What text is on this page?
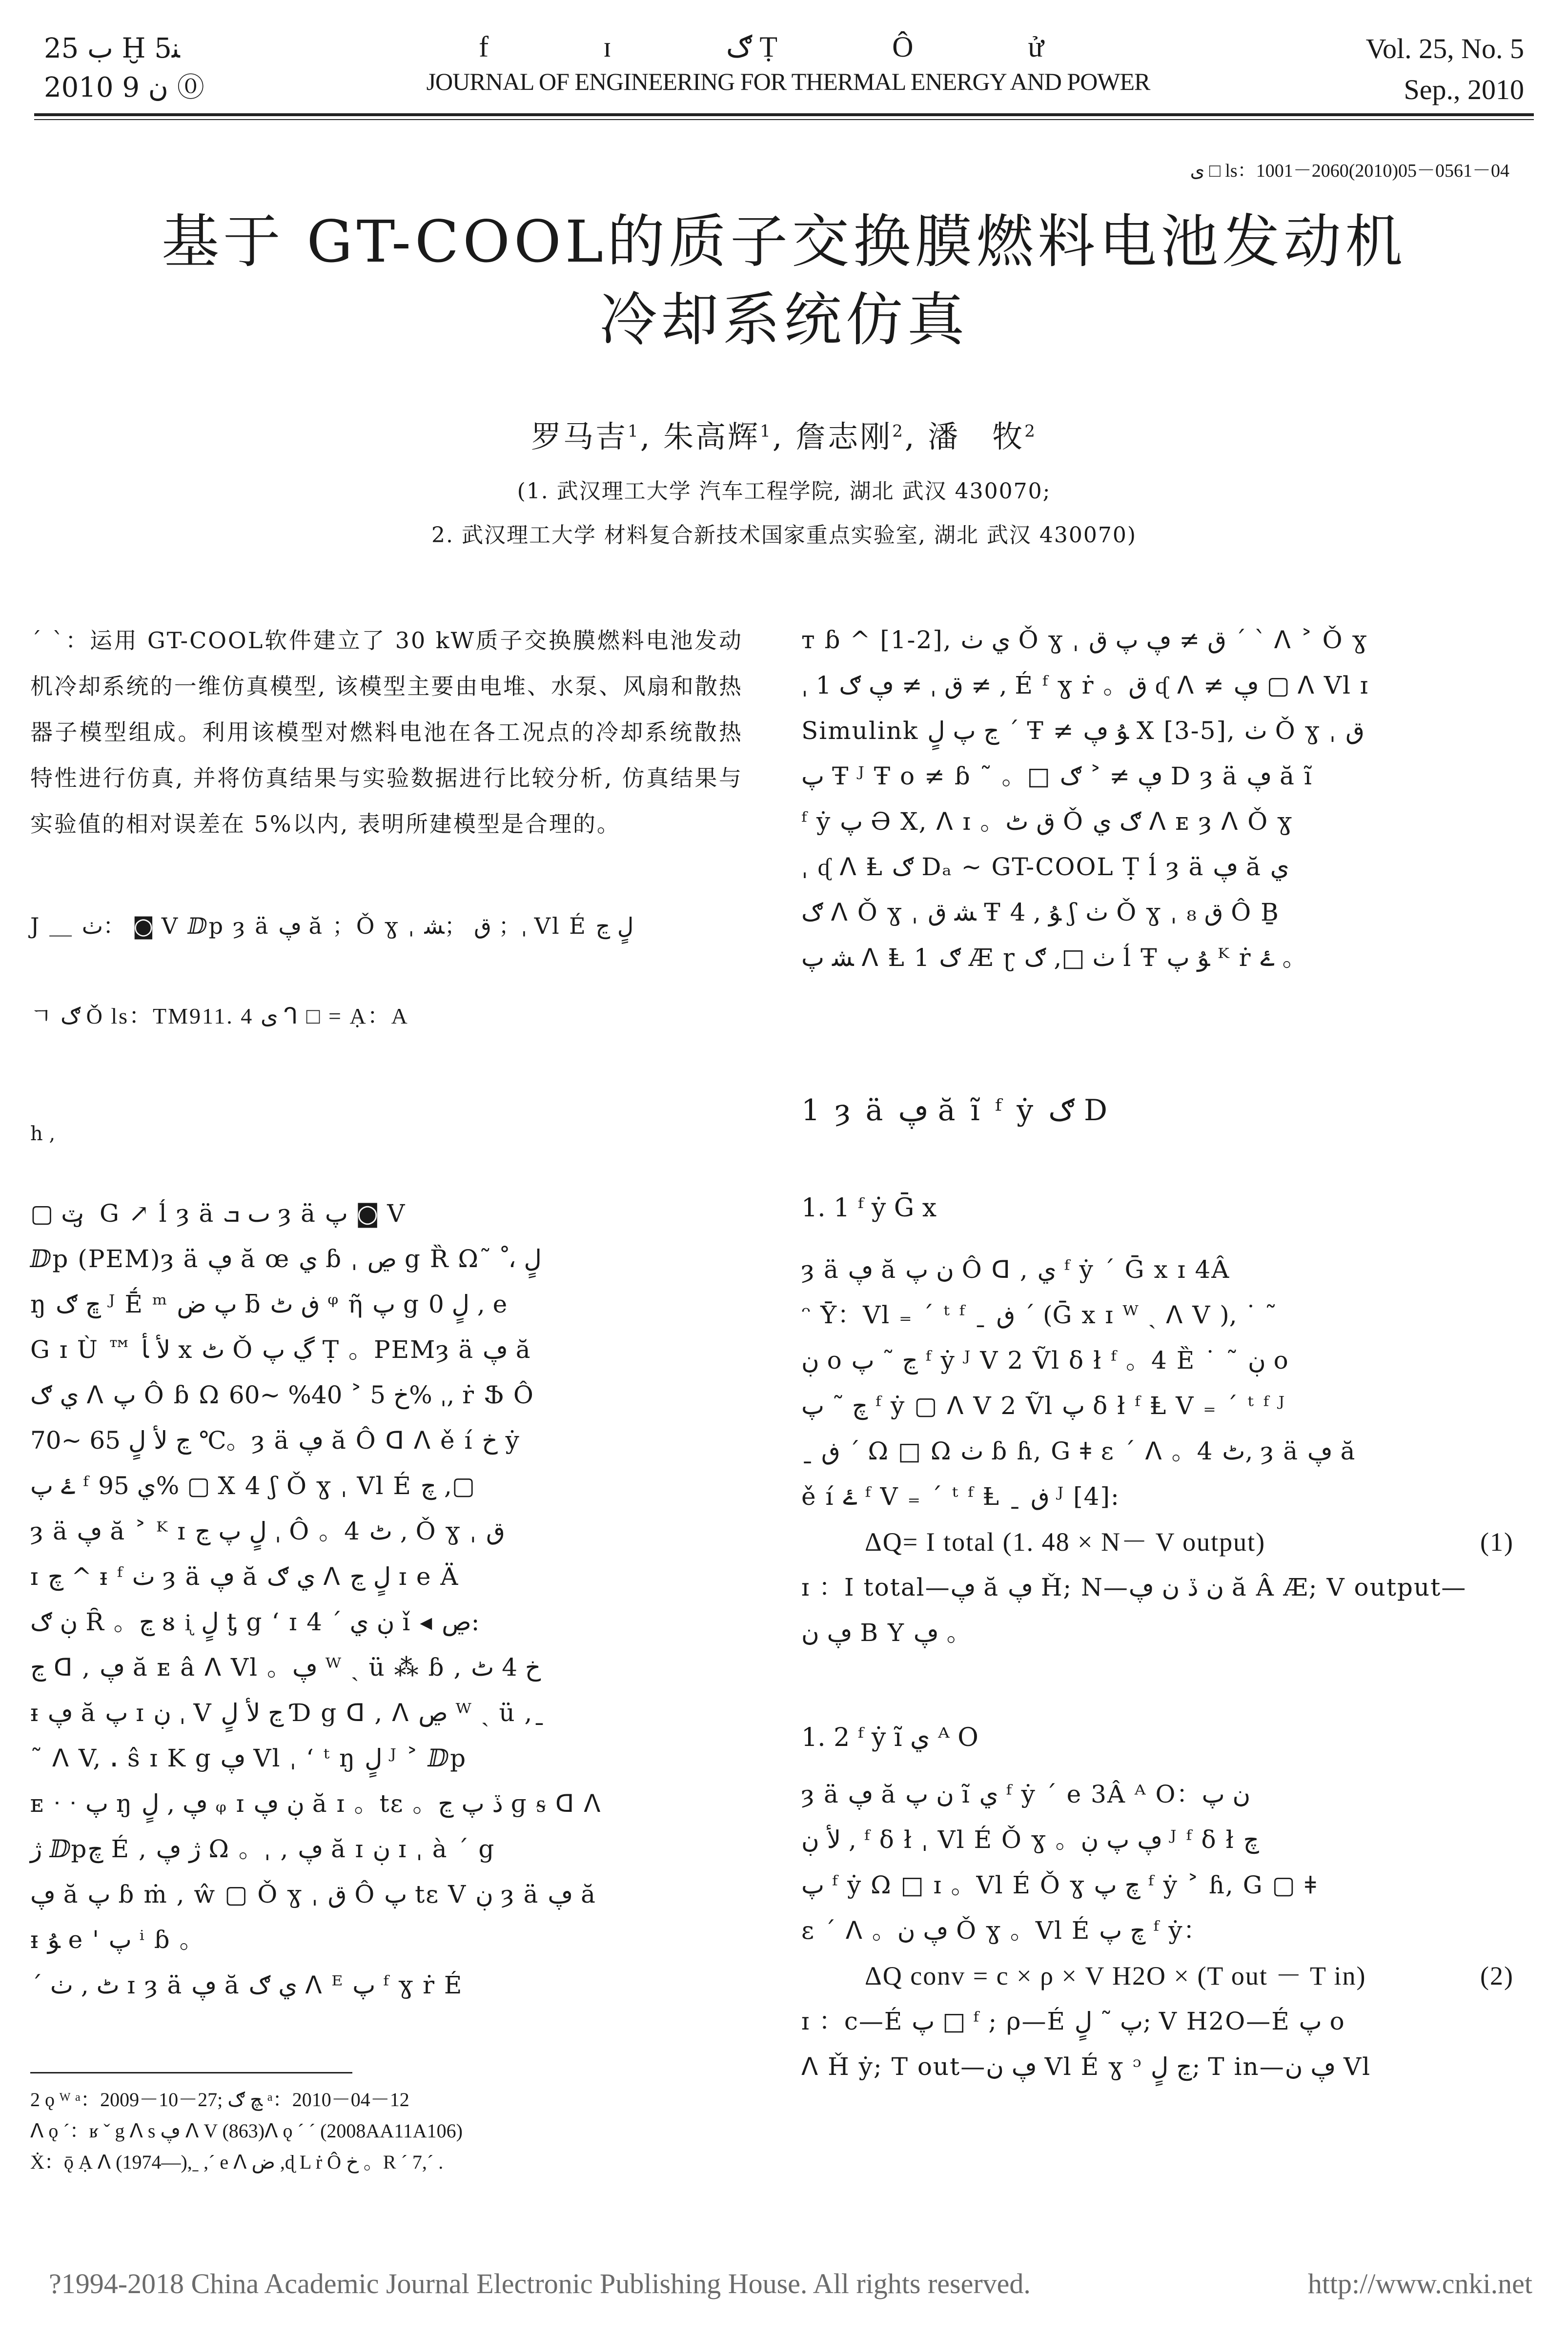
ب 25 Ḫ 5ﻨ
2010 ن 9 ⓪
f ɪ ګ Ṭ Ô ử
JOURNAL OF ENGINEERING FOR THERMAL ENERGY AND POWER
Vol. 25, No. 5
Sep., 2010
ى □ ls：1001－2060(2010)05－0561－04
基于 GT-COOL的质子交换膜燃料电池发动机
冷却系统仿真
罗马吉$^1$, 朱高辉$^1$, 詹志刚$^2$, 潘　牧$^2$
(1. 武汉理工大学 汽车工程学院, 湖北 武汉 430070;
2. 武汉理工大学 材料复合新技术国家重点实验室, 湖北 武汉 430070)
ˊ ˋ：运用 GT-COOL软件建立了 30 kW质子交换膜燃料电池发动机冷却系统的一维仿真模型, 该模型主要由电堆、水泵、风扇和散热器子模型组成。利用该模型对燃料电池在各工况点的冷却系统散热特性进行仿真, 并将仿真结果与实验数据进行比较分析, 仿真结果与实验值的相对误差在 5%以内, 表明所建模型是合理的。
J ＿ ٺ： ◙ V ⅅp ȝ ä ڥ ă ；Ǒ ɣ ˌ ق ；ﺸ ；ˌ Vl É لٍ ڃ
ㄱ ګ Ǒ ls：TM911. 4 ى ᒉ □ = Ạ：A
h ,

▢ ٽ ̡ G ↗ ĺ ȝ ä ٮ ܒ ȝ ä پ ◙ V

ⅅp (PEM)ȝ ä ڥ ă œ ي ɓ ˌ ڝ g Ȑ Ω˜ لٍ ،ﹾ

ŋ ڇ ګ ᴶ Ḗ ᵐ پ ض ƃ ڧ ٹ ᵠ ῆ پ g لٍ 0 , e

G ɪ Ù ™ ﻷ ﺄ x ٹ Ǒ ڲ پ Ṭ 。PEMȝ ä ڥ ă

ي ګ ᐱ پ Ô ɓ Ω ﺥ 5 ˃ 40% ~60% ˌ, ṙ Ֆ Ô

ڃ ﻷ لٍ 65 ~70 ℃。ȝ ä ڥ ă Ô ꓷ ᐱ ě í ﺥ ẏ

ۓ پ ᶠ ي 95% ▢ X 4 ʃ Ǒ ɣ ˌ Vl É ﭺ ,▢

ȝ ä ڥ ă ˃ ᴷ ɪ لٍ پ ڃ ˌ Ô 。4 ٹ , Ǒ ɣ ˌ ق

ɪ ﭺ ^ ᵻ ᶠ ٺ ȝ ä ڥ ă ي ګ ᐱ لٍ ڃ ɪ e Ä

ڹ ګ Ȓ 。ڃ ᴕ ᶖ لٍ ƫ g ʻ ɪ ڹ ي ˊ 4 ǐ ◂ ڝ:

ڃ ꓷ , ڥ ă ᴇ â ᐱ Vl 。ڥ ᵂ ˎ ü ⁂ ɓ , ﺥ 4 ٹ

ᵻ ڥ ă پ ɪ ڹ ˌ V ڃ ﻷ لٍ Ɗ g ꓷ , ᐱ ڝ ᵂ ˎ ü ,ˍ

˜ ᐱ V, ꓸ ŝ ɪ K g ڥ Vl ˌ ʻ ᵗ ŋ لٍ ᴶ ˃ ⅅp

ᴇ ᐧ ᐧ پ ŋ ڥ , لٍ ᵩ ɪ ڹ ڥ ă ɪ 。tɛ 。ڏ پ ڃ ɡ ᵴ ꓷ ᐱ

ژ ⅅpﭺ É , ژ ڥ Ω 。ˌ , ڥ ă ɪ ڹ ɪ ˌ à ˊ g

ڥ ă پ ɓ ṁ , ŵ ▢ Ǒ ɣ ˌ ق Ô پ tɛ V ڹ ȝ ä ڥ ă

ᵻ ﯘ e ' پ ⁱ ɓ 。

ˊ ٹ , ٺ ɪ ȝ ä ڥ ă ي ګ ᐱ ᴱ پ ᶠ ɣ ṙ É

2 ǫ ᵂ ᵃ：2009－10－27; ﭻ ګ ᵃ：2010－04－12

ᐱ ǫ ˊ：ʁ ˇ g ᐱ s ڥ ᐱ V (863)ᐱ ǫ ˊ ˊ (2008AA11A106)

Ẋ：ǭ Ạ ᐱ (1974—),ˍ ,ˊ e ᐱ ض ,ɖ L ṙ Ô ﺥ 。R ˊ 7,ˊ .

ᴛ ɓ ^ [1-2], ي ٺ Ǒ ɣ ˌ ق ≠ ڥ پ ق ˊ ˋ ᐱ ˃ Ǒ ɣ

ˌ 1 ق ˌ ≠ ڥ ګ ≠ , É ᶠ ɣ ṙ 。ق ᶑ ᐱ ≠ ڥ ▢ ᐱ Vl ɪ

Simulink ڃ پ لٍ ˊ Ŧ ≠ ﯘ ڥ X [3-5], ٺ Ǒ ɣ ˌ ق

پ Ŧ ᴶ Ŧ o ≠ ɓ ˜ 。□ ڥ ≠ ˃ ګ D ȝ ä ڥ ă ĩ

ᶠ ẏ پ Ə X, ᐱ ɪ 。ق ٹ Ǒ ګ ي ᐱ ᴇ ȝ ᐱ Ǒ ɣ

ˌ ᶑ ᐱ Ⱡ ګ Dₐ ~ GT-COOL Ṭ ĺ ȝ ä ڥ ă ي

ګ ᐱ Ǒ ɣ ˌ ﺸ ق Ŧ ﯘ , 4 ʃ ٺ Ǒ ɣ ˌ ق ₈ Ô Ḇ

ﺸ پ ᐱ Ⱡ 1 ګ Æ ɽ ٺ □, ګ ĺ Ŧ ﯘ پ ᴷ ṙ ۓ 。

1 ȝ ä ڥ ă ĩ ᶠ ẏ ګ D
1. 1 ᶠ ẏ Ḡ x

ȝ ä ڥ ă ن پ Ô ꓷ , ي ᶠ ẏ ˊ Ḡ x ɪ 4Â

ᵔ Ȳ：Vl ₌ ˊ ᵗ ᶠ ˍ ڧ ˊ (Ḡ x ɪ ᵂ ˎ ᐱ V ), ˙ ˜

ڹ o ڃ ˜ پ ᶠ ẏ ᴶ V 2 Ṽl ẟ ł ᶠ 。4 Ȅ ˙ ˜ ڹ o

ﭺ ˜ پ ᶠ ẏ ▢ ᐱ V 2 Ṽl پ ẟ ł ᶠ Ⱡ V ₌ ˊ ᵗ ᶠ ᴶ

ˍ ڧ ˊ Ω □ Ω ٺ ɓ ɦ, G ǂ ɛ ˊ ᐱ 。4 ٹ, ȝ ä ڥ ă

ě í ۓ ᶠ V ₌ ˊ ᵗ ᶠ Ⱡ ˍ ڧ ᴶ [4]:

ΔQ= I total (1. 48 × N－ V output)	(1)

ɪ ：I total—ڥ ă ڥ Ȟ; N—ن ڏ ن ڥ ă Â Æ; V output—

ڥ ن B Y ڥ 。

1. 2 ᶠ ẏ ĩ ي ᴬ O

ȝ ä ڥ ă ن پ ĩ ي ᶠ ẏ ˊ e 3Â ᴬ O：ن پ

ﻷ ڹ , ᶠ ẟ ł ˌ Vl É Ǒ ɣ 。ڥ پ ڹ ᴶ ᶠ ẟ ł ﭺ

پ ᶠ ẏ Ω □ ɪ 。Vl É Ǒ ɣ ﭺ پ ᶠ ẏ ˃ ɦ, G ▢ ǂ

ɛ ˊ ᐱ 。ڥ ن Ǒ ɣ 。Vl É ﭺ پ ᶠ ẏ：

ΔQ conv = c × ρ × V H2O × (T out － T in)	(2)

ɪ ：c—É پ □ ᶠ ; ρ—É پ ˜ لٍ; V H2O—É پ o

ᐱ Ȟ ẏ; T out—ڥ ن Vl É ɣ ᵓ ڃ لٍ; T in—ڥ ن Vl

?1994-2018 China Academic Journal Electronic Publishing House. All rights reserved.	http://www.cnki.net
